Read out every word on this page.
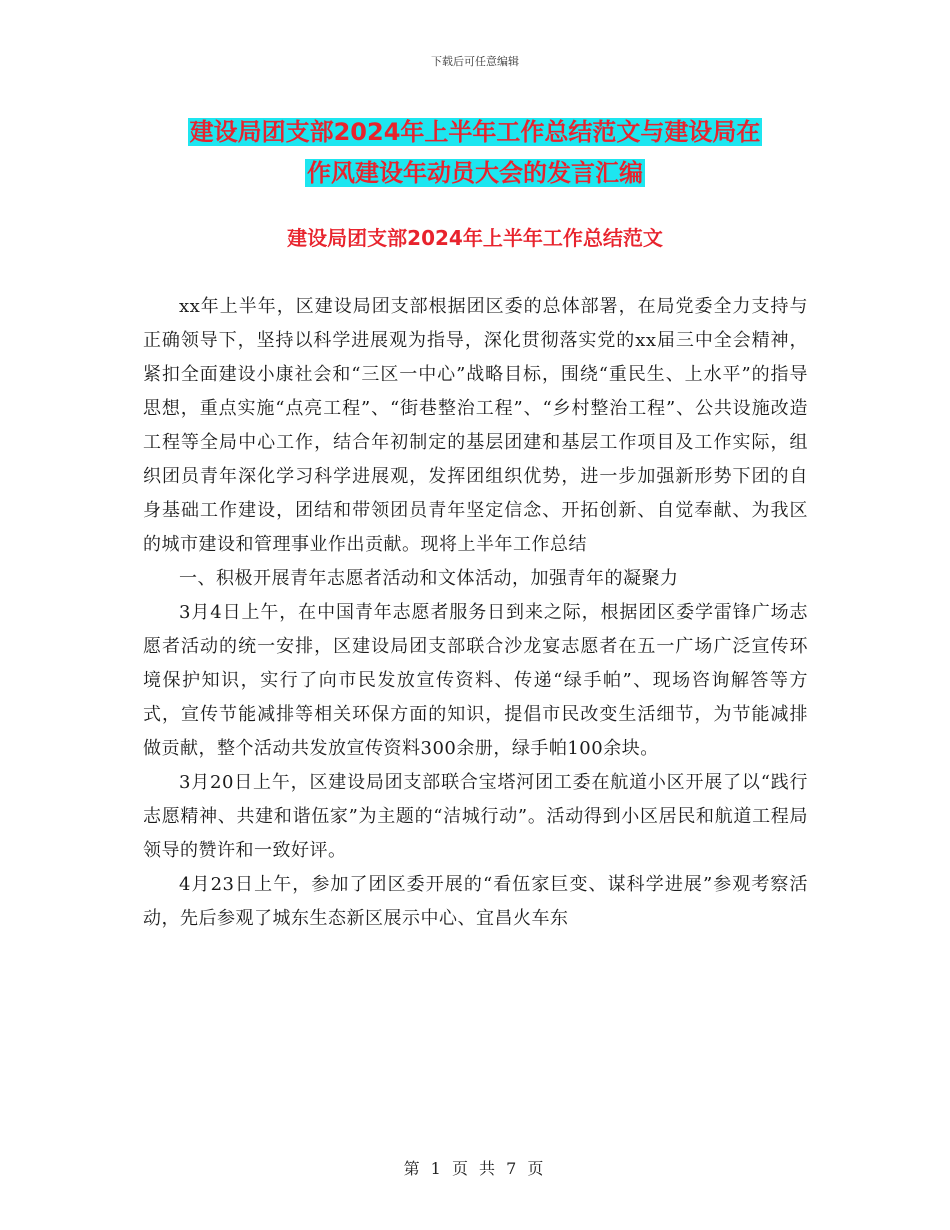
下载后可任意编辑
建设局团支部2024年上半年工作总结范文与建设局在
作风建设年动员大会的发言汇编
建设局团支部2024年上半年工作总结范文

xx年上半年，区建设局团支部根据团区委的总体部署，在局党委全力支持与正确领导下，坚持以科学进展观为指导，深化贯彻落实党的xx届三中全会精神，紧扣全面建设小康社会和“三区一中心”战略目标，围绕“重民生、上水平”的指导思想，重点实施“点亮工程”、“街巷整治工程”、“乡村整治工程”、公共设施改造工程等全局中心工作，结合年初制定的基层团建和基层工作项目及工作实际，组织团员青年深化学习科学进展观，发挥团组织优势，进一步加强新形势下团的自身基础工作建设，团结和带领团员青年坚定信念、开拓创新、自觉奉献、为我区的城市建设和管理事业作出贡献。现将上半年工作总结

一、积极开展青年志愿者活动和文体活动，加强青年的凝聚力

3月4日上午，在中国青年志愿者服务日到来之际，根据团区委学雷锋广场志愿者活动的统一安排，区建设局团支部联合沙龙宴志愿者在五一广场广泛宣传环境保护知识，实行了向市民发放宣传资料、传递“绿手帕”、现场咨询解答等方式，宣传节能减排等相关环保方面的知识，提倡市民改变生活细节，为节能减排做贡献，整个活动共发放宣传资料300余册，绿手帕100余块。

3月20日上午，区建设局团支部联合宝塔河团工委在航道小区开展了以“践行志愿精神、共建和谐伍家”为主题的“洁城行动”。活动得到小区居民和航道工程局领导的赞许和一致好评。

4月23日上午，参加了团区委开展的“看伍家巨变、谋科学进展”参观考察活动，先后参观了城东生态新区展示中心、宜昌火车东

第 1 页 共 7 页
